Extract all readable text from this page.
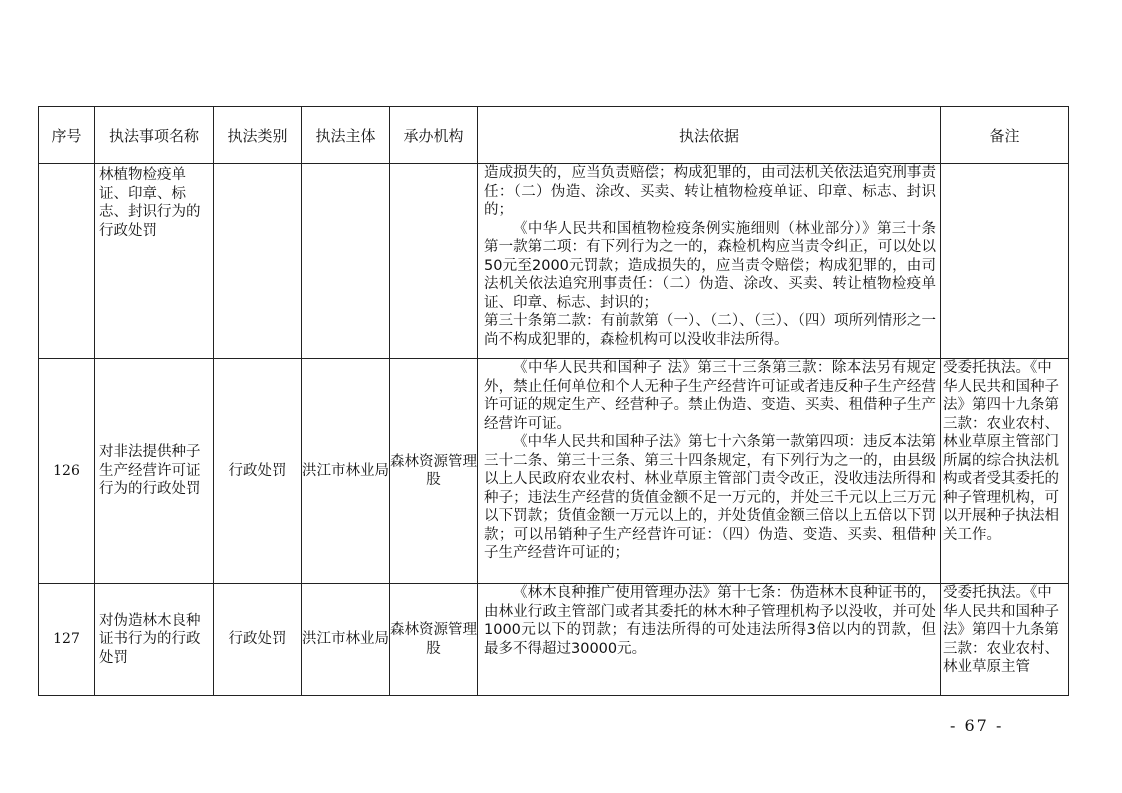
序号	执法事项名称	执法类别	执法主体	承办机构	执法依据	备注
	林植物检疫单证、印章、标志、封识行为的行政处罚				造成损失的，应当负责赔偿；构成犯罪的，由司法机关依法追究刑事责任：（二）伪造、涂改、买卖、转让植物检疫单证、印章、标志、封识的；

《中华人民共和国植物检疫条例实施细则（林业部分）》第三十条第一款第二项：有下列行为之一的，森检机构应当责令纠正，可以处以50元至2000元罚款；造成损失的，应当责令赔偿；构成犯罪的，由司法机关依法追究刑事责任：（二）伪造、涂改、买卖、转让植物检疫单证、印章、标志、封识的；

第三十条第二款：有前款第（一）、（二）、（三）、（四）项所列情形之一尚不构成犯罪的，森检机构可以没收非法所得。	

126	对非法提供种子生产经营许可证行为的行政处罚	行政处罚	洪江市林业局	森林资源管理股	《中华人民共和国种子 法》第三十三条第三款：除本法另有规定外，禁止任何单位和个人无种子生产经营许可证或者违反种子生产经营许可证的规定生产、经营种子。禁止伪造、变造、买卖、租借种子生产经营许可证。

《中华人民共和国种子法》第七十六条第一款第四项：违反本法第三十二条、第三十三条、第三十四条规定，有下列行为之一的，由县级以上人民政府农业农村、林业草原主管部门责令改正，没收违法所得和种子；违法生产经营的货值金额不足一万元的，并处三千元以上三万元以下罚款；货值金额一万元以上的，并处货值金额三倍以上五倍以下罚款；可以吊销种子生产经营许可证：（四）伪造、变造、买卖、租借种子生产经营许可证的；	受委托执法。《中华人民共和国种子法》第四十九条第三款：农业农村、林业草原主管部门所属的综合执法机构或者受其委托的种子管理机构，可以开展种子执法相关工作。
127	对伪造林木良种证书行为的行政处罚	行政处罚	洪江市林业局	森林资源管理股	《林木良种推广使用管理办法》第十七条：伪造林木良种证书的，由林业行政主管部门或者其委托的林木种子管理机构予以没收，并可处1000元以下的罚款；有违法所得的可处违法所得3倍以内的罚款，但最多不得超过30000元。	受委托执法。《中华人民共和国种子法》第四十九条第三款：农业农村、林业草原主管
- 67 -
